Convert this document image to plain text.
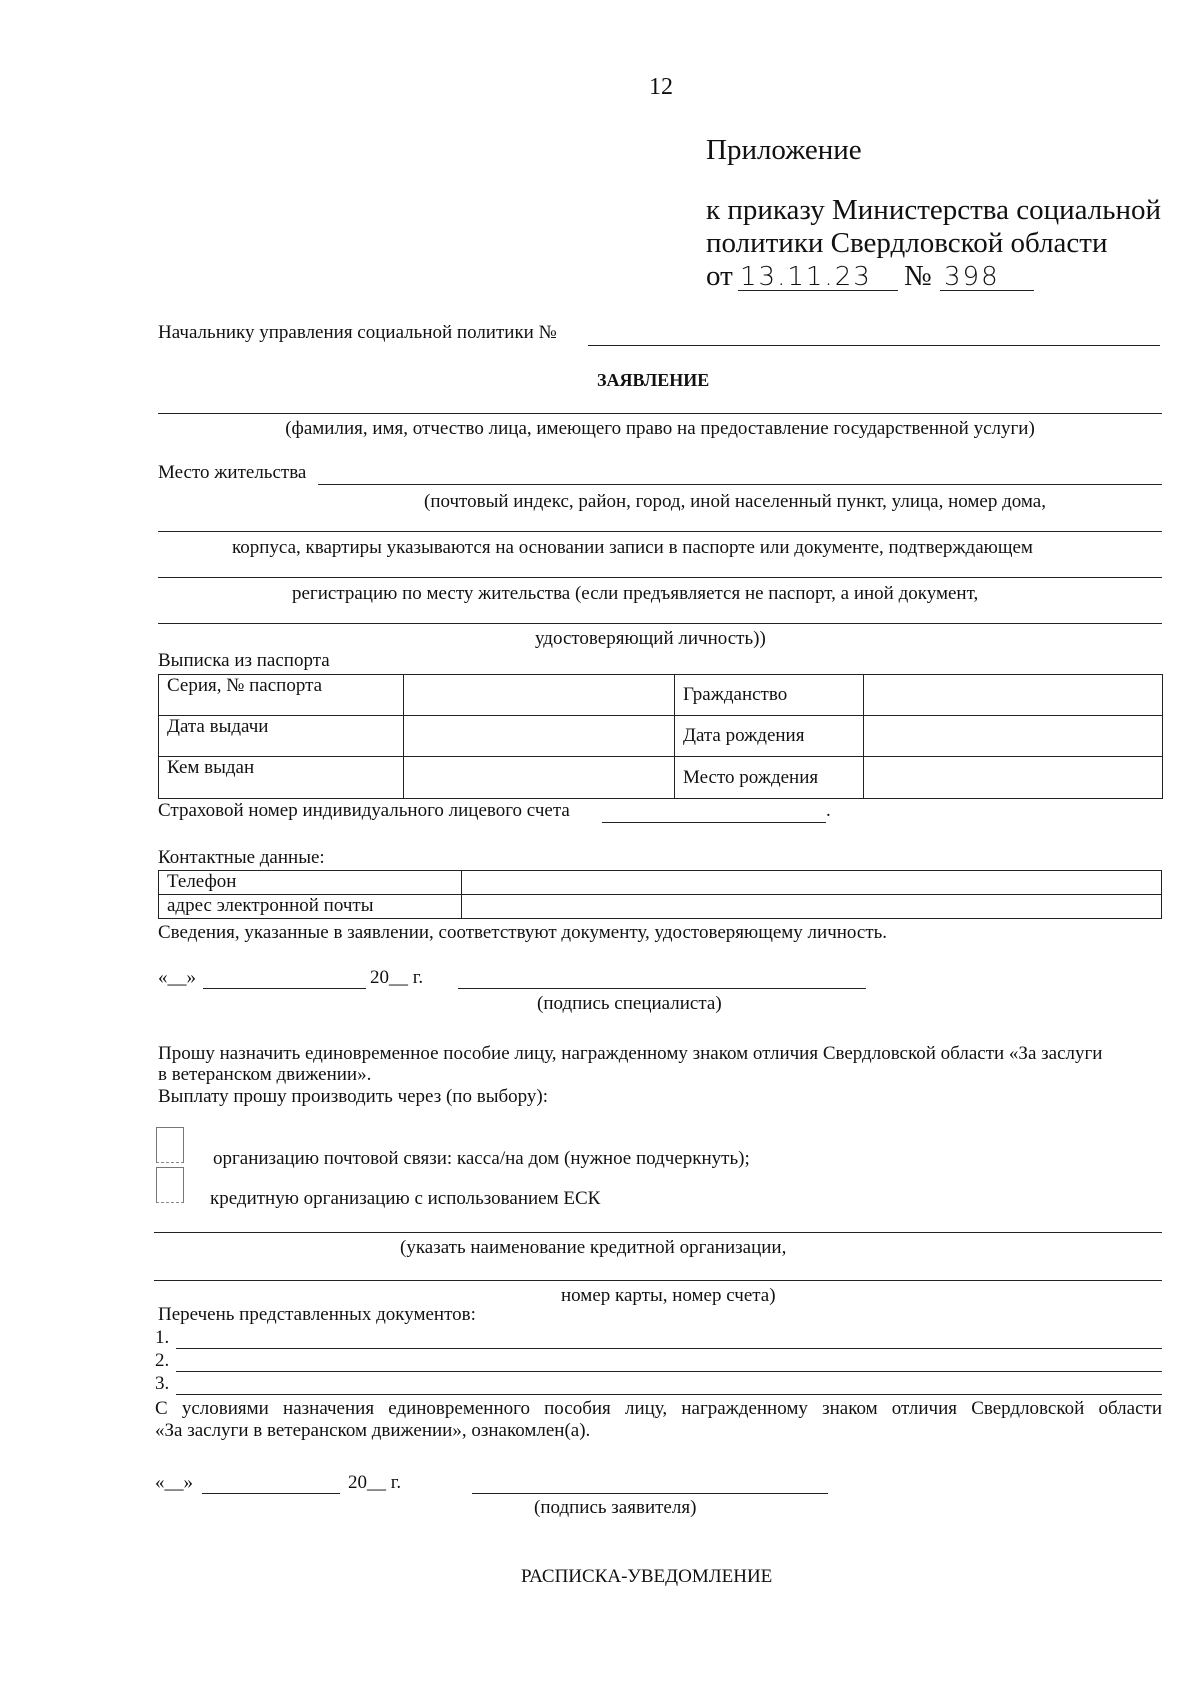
12
Приложение
к приказу Министерства социальной
политики Свердловской области
от 13.11.23 № 398
Начальнику управления социальной политики №
ЗАЯВЛЕНИЕ
(фамилия, имя, отчество лица, имеющего право на предоставление государственной услуги)
Место жительства
(почтовый индекс, район, город, иной населенный пункт, улица, номер дома,
корпуса, квартиры указываются на основании записи в паспорте или документе, подтверждающем
регистрацию по месту жительства (если предъявляется не паспорт, а иной документ,
удостоверяющий личность))
Выписка из паспорта
Серия, № паспорта		Гражданство	
Дата выдачи		Дата рождения	
Кем выдан		Место рождения	
Страховой номер индивидуального лицевого счета	.
Контактные данные:
Телефон	
адрес электронной почты	
Сведения, указанные в заявлении, соответствуют документу, удостоверяющему личность.
«__»	20__ г.
(подпись специалиста)
Прошу назначить единовременное пособие лицу, награжденному знаком отличия Свердловской области «За заслуги
в ветеранском движении».
Выплату прошу производить через (по выбору):
организацию почтовой связи: касса/на дом (нужное подчеркнуть);
кредитную организацию с использованием ЕСК
(указать наименование кредитной организации,
номер карты, номер счета)
Перечень представленных документов:
1.
2.
3.
С условиями назначения единовременного пособия лицу, награжденному знаком отличия Свердловской области
«За заслуги в ветеранском движении», ознакомлен(а).
«__»	20__ г.
(подпись заявителя)
РАСПИСКА-УВЕДОМЛЕНИЕ
